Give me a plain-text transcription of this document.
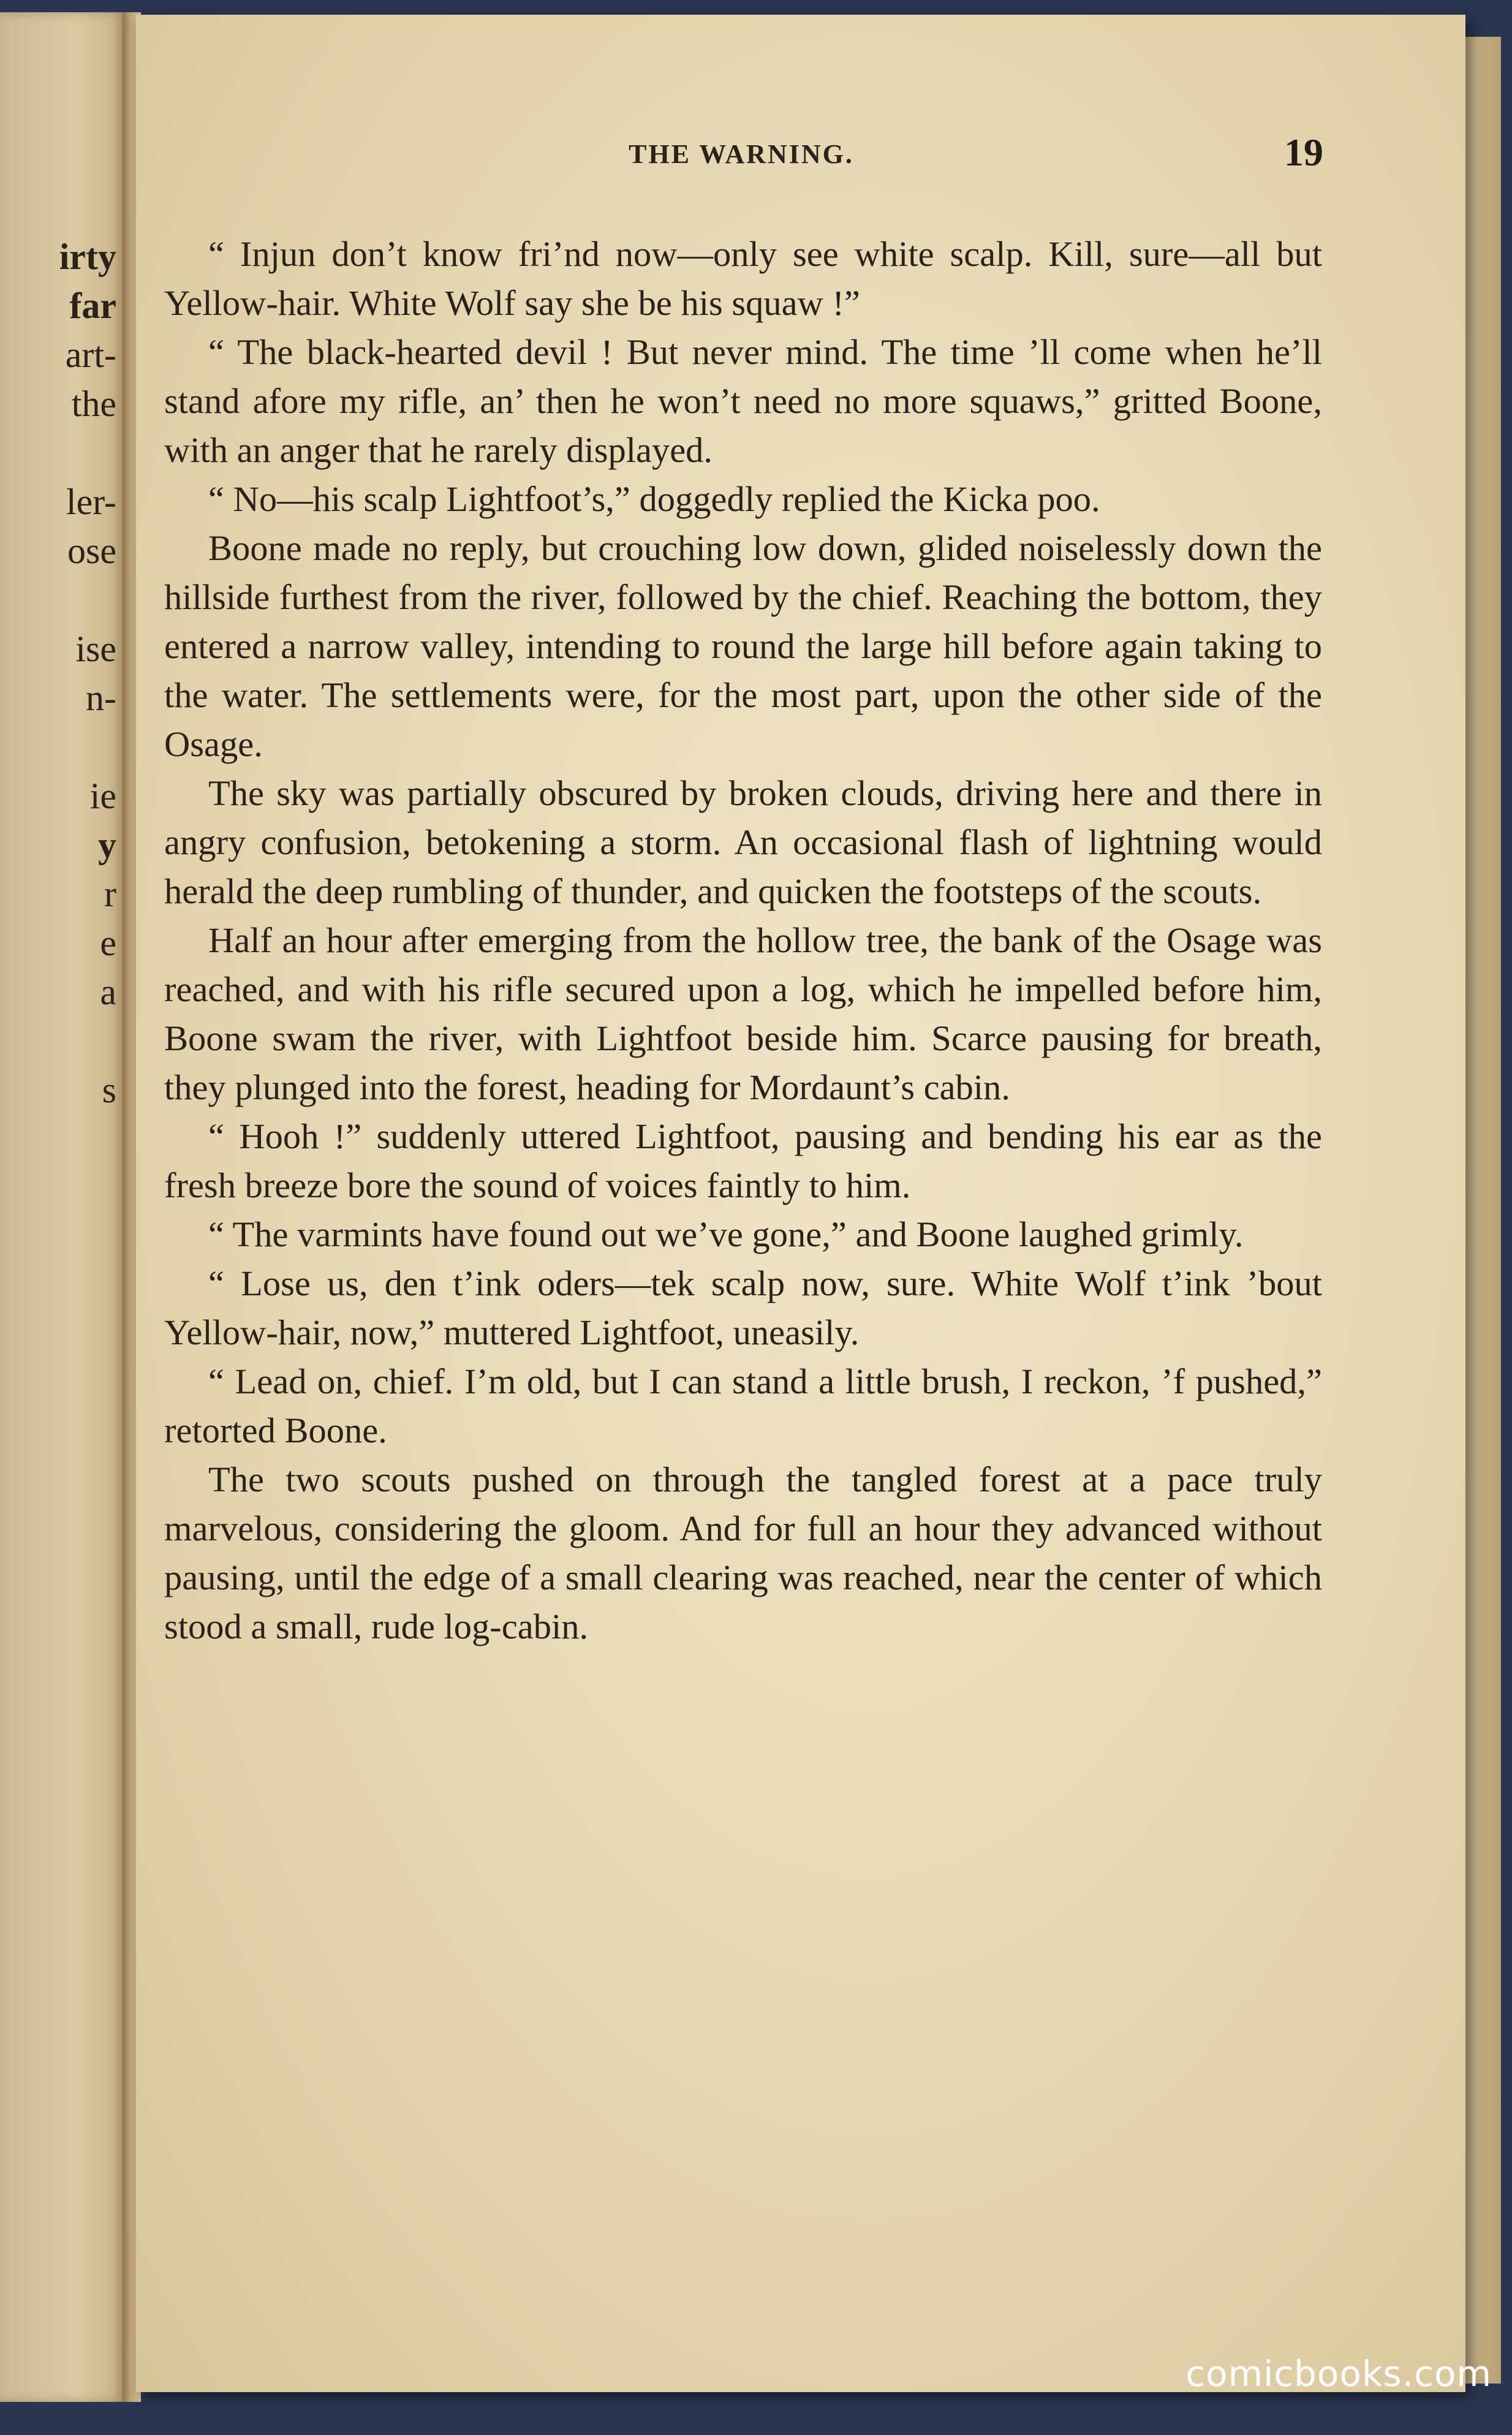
irty
far
art-
the
ler-
ose
ise
n-
ie
y
r
e
a
s
THE WARNING.	19

“ Injun don’t know fri’nd now—only see white scalp. Kill, sure—all but Yellow-hair. White Wolf say she be his squaw !”

“ The black-hearted devil ! But never mind. The time ’ll come when he’ll stand afore my rifle, an’ then he won’t need no more squaws,” gritted Boone, with an anger that he rarely displayed.

“ No—his scalp Lightfoot’s,” doggedly replied the Kicka poo.

Boone made no reply, but crouching low down, glided noiselessly down the hillside furthest from the river, followed by the chief. Reaching the bottom, they entered a narrow valley, intending to round the large hill before again taking to the water. The settlements were, for the most part, upon the other side of the Osage.

The sky was partially obscured by broken clouds, driving here and there in angry confusion, betokening a storm. An occasional flash of lightning would herald the deep rumbling of thunder, and quicken the footsteps of the scouts.

Half an hour after emerging from the hollow tree, the bank of the Osage was reached, and with his rifle secured upon a log, which he impelled before him, Boone swam the river, with Lightfoot beside him. Scarce pausing for breath, they plunged into the forest, heading for Mordaunt’s cabin.

“ Hooh !” suddenly uttered Lightfoot, pausing and bending his ear as the fresh breeze bore the sound of voices faintly to him.

“ The varmints have found out we’ve gone,” and Boone laughed grimly.

“ Lose us, den t’ink oders—tek scalp now, sure. White Wolf t’ink ’bout Yellow-hair, now,” muttered Lightfoot, uneasily.

“ Lead on, chief. I’m old, but I can stand a little brush, I reckon, ’f pushed,” retorted Boone.

The two scouts pushed on through the tangled forest at a pace truly marvelous, considering the gloom. And for full an hour they advanced without pausing, until the edge of a small clearing was reached, near the center of which stood a small, rude log-cabin.

comicbooks.com
